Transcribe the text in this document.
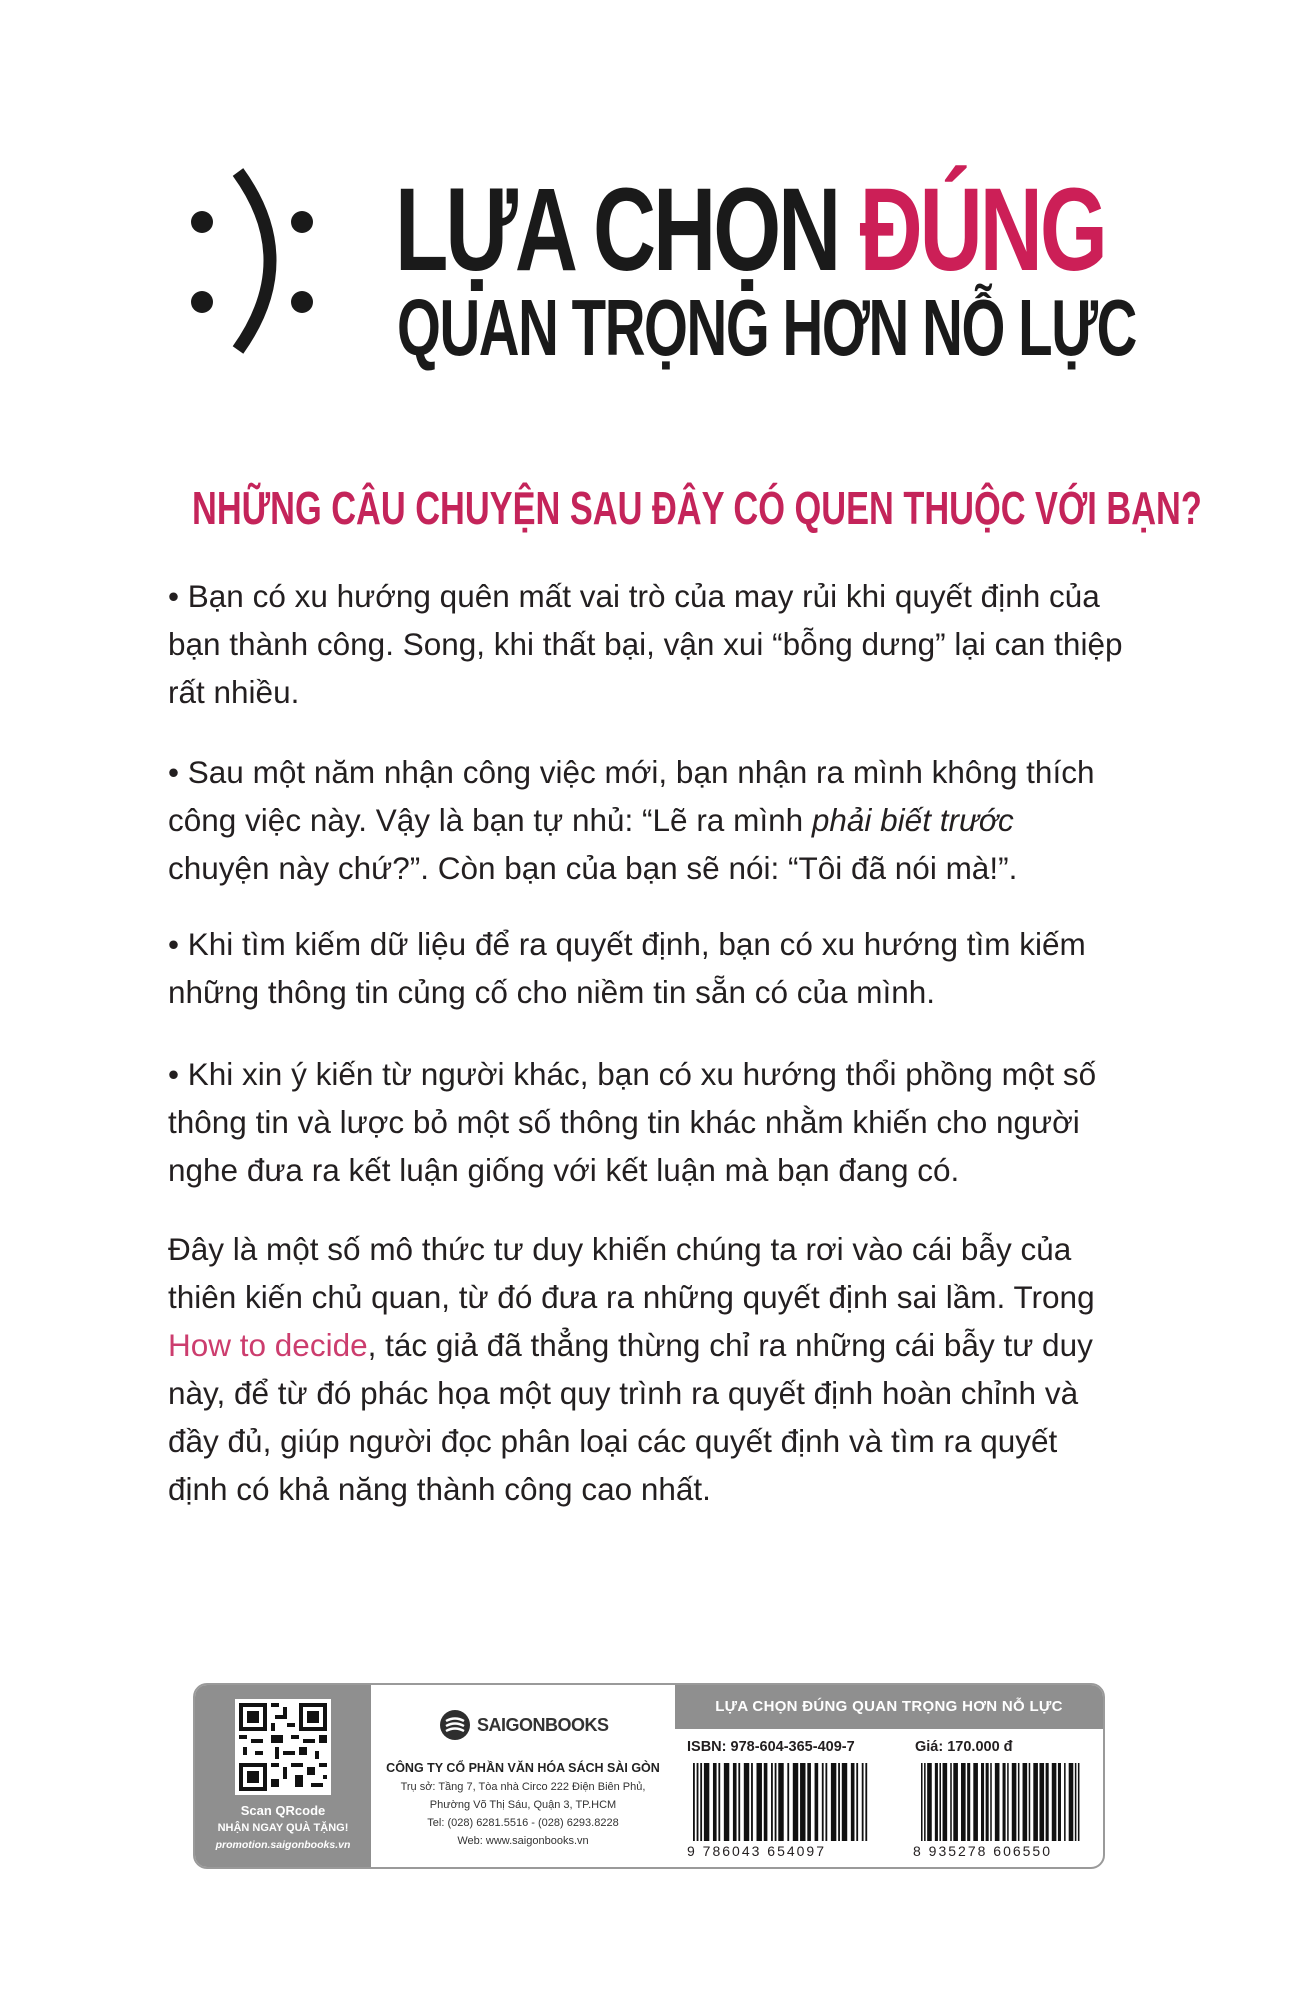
LỰA CHỌN ĐÚNG
QUAN TRỌNG HƠN NỖ LỰC
NHỮNG CÂU CHUYỆN SAU ĐÂY CÓ QUEN THUỘC VỚI BẠN?

• Bạn có xu hướng quên mất vai trò của may rủi khi quyết định của bạn thành công. Song, khi thất bại, vận xui “bỗng dưng” lại can thiệp rất nhiều.

• Sau một năm nhận công việc mới, bạn nhận ra mình không thích công việc này. Vậy là bạn tự nhủ: “Lẽ ra mình phải biết trước chuyện này chứ?”. Còn bạn của bạn sẽ nói: “Tôi đã nói mà!”.

• Khi tìm kiếm dữ liệu để ra quyết định, bạn có xu hướng tìm kiếm những thông tin củng cố cho niềm tin sẵn có của mình.

• Khi xin ý kiến từ người khác, bạn có xu hướng thổi phồng một số thông tin và lược bỏ một số thông tin khác nhằm khiến cho người nghe đưa ra kết luận giống với kết luận mà bạn đang có.

Đây là một số mô thức tư duy khiến chúng ta rơi vào cái bẫy của thiên kiến chủ quan, từ đó đưa ra những quyết định sai lầm. Trong How to decide, tác giả đã thẳng thừng chỉ ra những cái bẫy tư duy này, để từ đó phác họa một quy trình ra quyết định hoàn chỉnh và đầy đủ, giúp người đọc phân loại các quyết định và tìm ra quyết định có khả năng thành công cao nhất.

Scan QRcode
NHẬN NGAY QUÀ TẶNG!
promotion.saigonbooks.vn
SAIGONBOOKS
CÔNG TY CỔ PHẦN VĂN HÓA SÁCH SÀI GÒN
Trụ sở: Tầng 7, Tòa nhà Circo 222 Điện Biên Phủ,
Phường Võ Thị Sáu, Quận 3, TP.HCM
Tel: (028) 6281.5516 - (028) 6293.8228
Web: www.saigonbooks.vn
LỰA CHỌN ĐÚNG QUAN TRỌNG HƠN NỖ LỰC
ISBN: 978-604-365-409-7	Giá: 170.000 đ
9 786043 654097	8 935278 606550
